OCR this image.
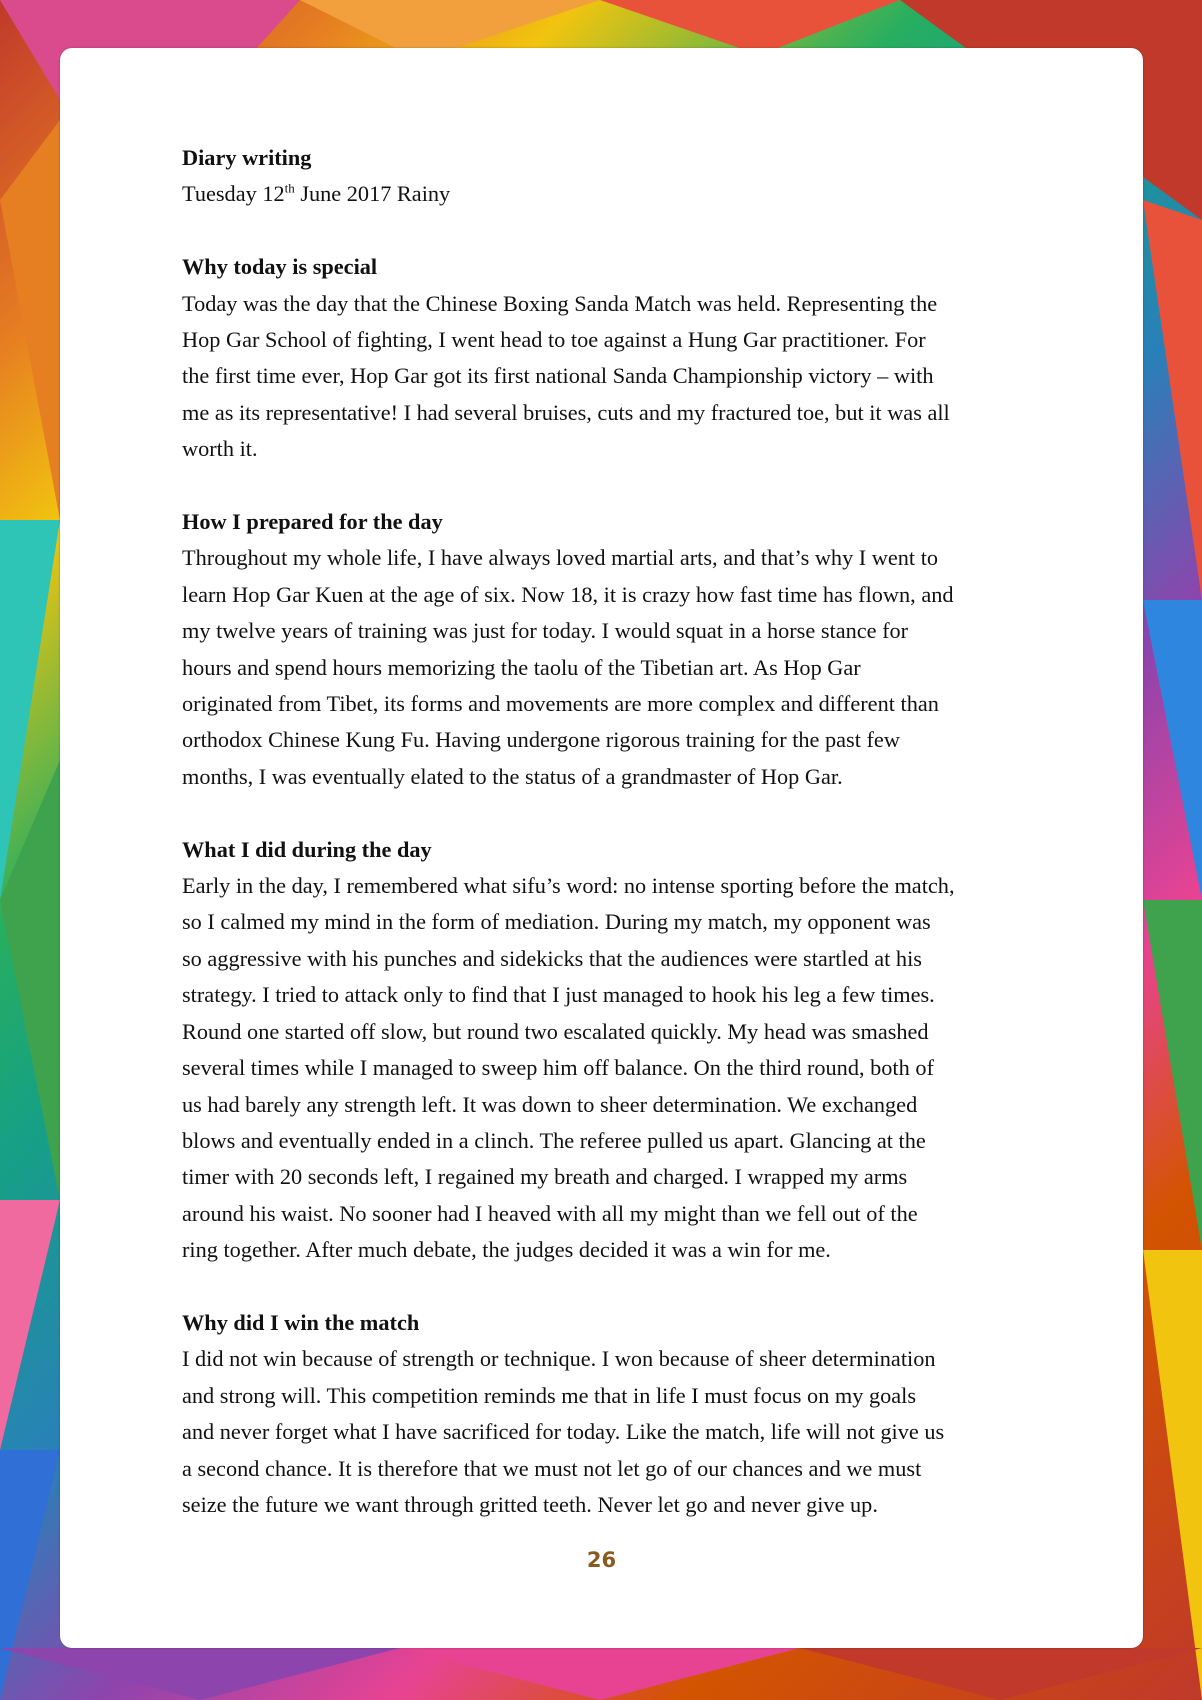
Diary writing

Tuesday 12th June 2017 Rainy

Why today is special

Today was the day that the Chinese Boxing Sanda Match was held. Representing the

Hop Gar School of fighting, I went head to toe against a Hung Gar practitioner. For

the first time ever, Hop Gar got its first national Sanda Championship victory – with

me as its representative! I had several bruises, cuts and my fractured toe, but it was all

worth it.

How I prepared for the day

Throughout my whole life, I have always loved martial arts, and that’s why I went to

learn Hop Gar Kuen at the age of six. Now 18, it is crazy how fast time has flown, and

my twelve years of training was just for today. I would squat in a horse stance for

hours and spend hours memorizing the taolu of the Tibetian art. As Hop Gar

originated from Tibet, its forms and movements are more complex and different than

orthodox Chinese Kung Fu. Having undergone rigorous training for the past few

months, I was eventually elated to the status of a grandmaster of Hop Gar.

What I did during the day

Early in the day, I remembered what sifu’s word: no intense sporting before the match,

so I calmed my mind in the form of mediation. During my match, my opponent was

so aggressive with his punches and sidekicks that the audiences were startled at his

strategy. I tried to attack only to find that I just managed to hook his leg a few times.

Round one started off slow, but round two escalated quickly. My head was smashed

several times while I managed to sweep him off balance. On the third round, both of

us had barely any strength left. It was down to sheer determination. We exchanged

blows and eventually ended in a clinch. The referee pulled us apart. Glancing at the

timer with 20 seconds left, I regained my breath and charged. I wrapped my arms

around his waist. No sooner had I heaved with all my might than we fell out of the

ring together. After much debate, the judges decided it was a win for me.

Why did I win the match

I did not win because of strength or technique. I won because of sheer determination

and strong will. This competition reminds me that in life I must focus on my goals

and never forget what I have sacrificed for today. Like the match, life will not give us

a second chance. It is therefore that we must not let go of our chances and we must

seize the future we want through gritted teeth. Never let go and never give up.

26
